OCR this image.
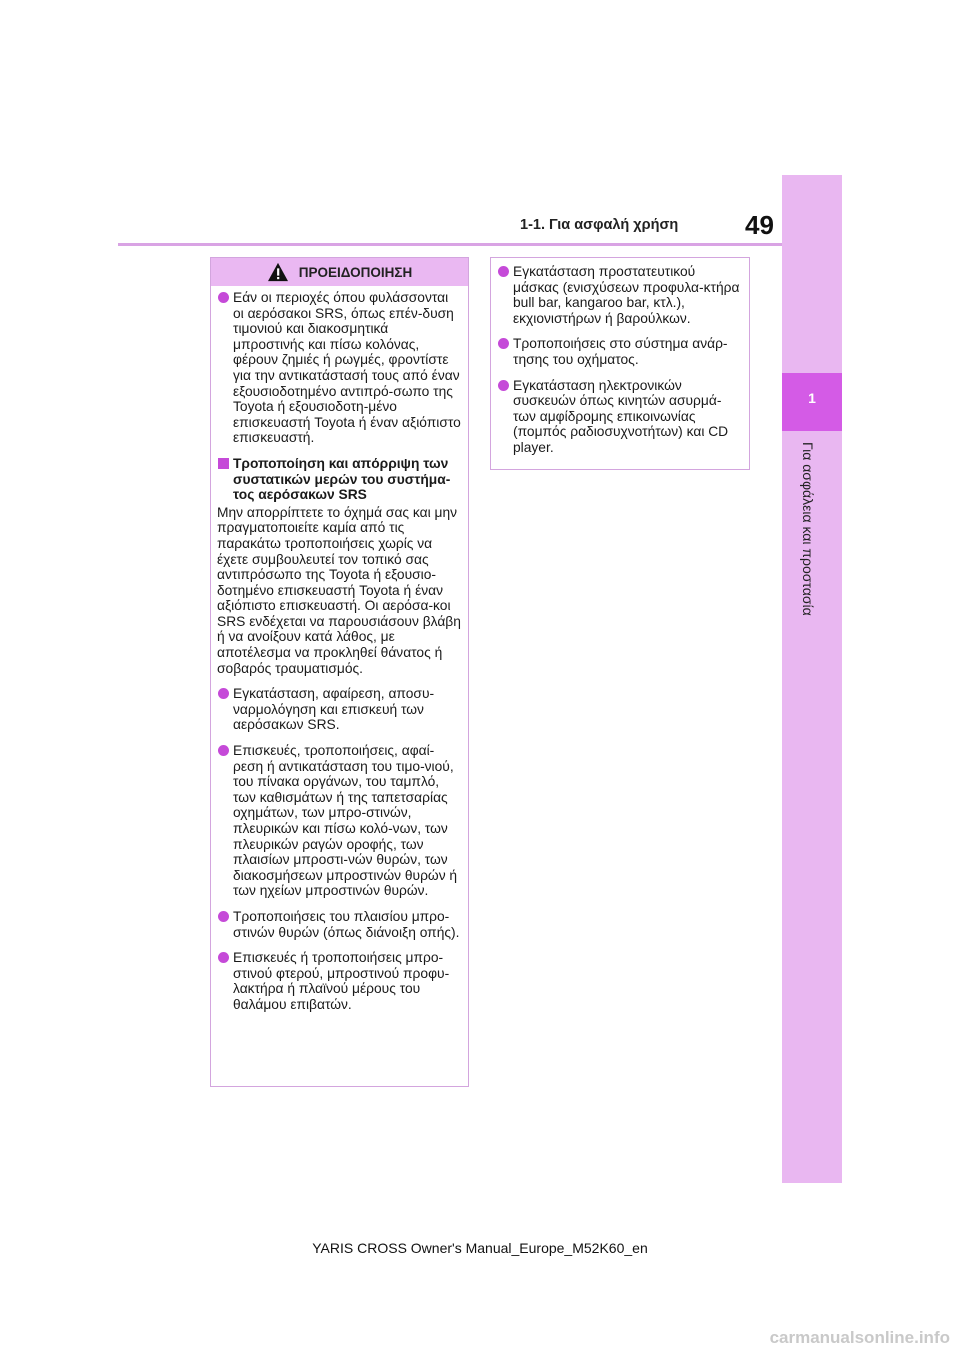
1-1. Για ασφαλή χρήση	49
1
Για ασφάλεια και προστασία
ΠΡΟΕΙΔΟΠΟΙΗΣΗ
Εάν οι περιοχές όπου φυλάσσονται οι αερόσακοι SRS, όπως επέν-δυση τιμονιού και διακοσμητικά μπροστινής και πίσω κολόνας, φέρουν ζημιές ή ρωγμές, φροντίστε για την αντικατάστασή τους από έναν εξουσιοδοτημένο αντιπρό-σωπο της Toyota ή εξουσιοδοτη-μένο επισκευαστή Toyota ή έναν αξιόπιστο επισκευαστή.
Τροποποίηση και απόρριψη των συστατικών μερών του συστήμα-τος αερόσακων SRS
Μην απορρίπτετε το όχημά σας και μην πραγματοποιείτε καμία από τις παρακάτω τροποποιήσεις χωρίς να έχετε συμβουλευτεί τον τοπικό σας αντιπρόσωπο της Toyota ή εξουσιο-δοτημένο επισκευαστή Toyota ή έναν αξιόπιστο επισκευαστή. Οι αερόσα-κοι SRS ενδέχεται να παρουσιάσουν βλάβη ή να ανοίξουν κατά λάθος, με αποτέλεσμα να προκληθεί θάνατος ή σοβαρός τραυματισμός.
Εγκατάσταση, αφαίρεση, αποσυ-ναρμολόγηση και επισκευή των αερόσακων SRS.
Επισκευές, τροποποιήσεις, αφαί-ρεση ή αντικατάσταση του τιμο-νιού, του πίνακα οργάνων, του ταμπλό, των καθισμάτων ή της ταπετσαρίας οχημάτων, των μπρο-στινών, πλευρικών και πίσω κολό-νων, των πλευρικών ραγών οροφής, των πλαισίων μπροστι-νών θυρών, των διακοσμήσεων μπροστινών θυρών ή των ηχείων μπροστινών θυρών.
Τροποποιήσεις του πλαισίου μπρο-στινών θυρών (όπως διάνοιξη οπής).
Επισκευές ή τροποποιήσεις μπρο-στινού φτερού, μπροστινού προφυ-λακτήρα ή πλαϊνού μέρους του θαλάμου επιβατών.
Εγκατάσταση προστατευτικού μάσκας (ενισχύσεων προφυλα-κτήρα bull bar, kangaroo bar, κτλ.), εκχιονιστήρων ή βαρούλκων.
Τροποποιήσεις στο σύστημα ανάρ-τησης του οχήματος.
Εγκατάσταση ηλεκτρονικών συσκευών όπως κινητών ασυρμά-των αμφίδρομης επικοινωνίας (πομπός ραδιοσυχνοτήτων) και CD player.
YARIS CROSS Owner's Manual_Europe_M52K60_en
carmanualsonline.info
